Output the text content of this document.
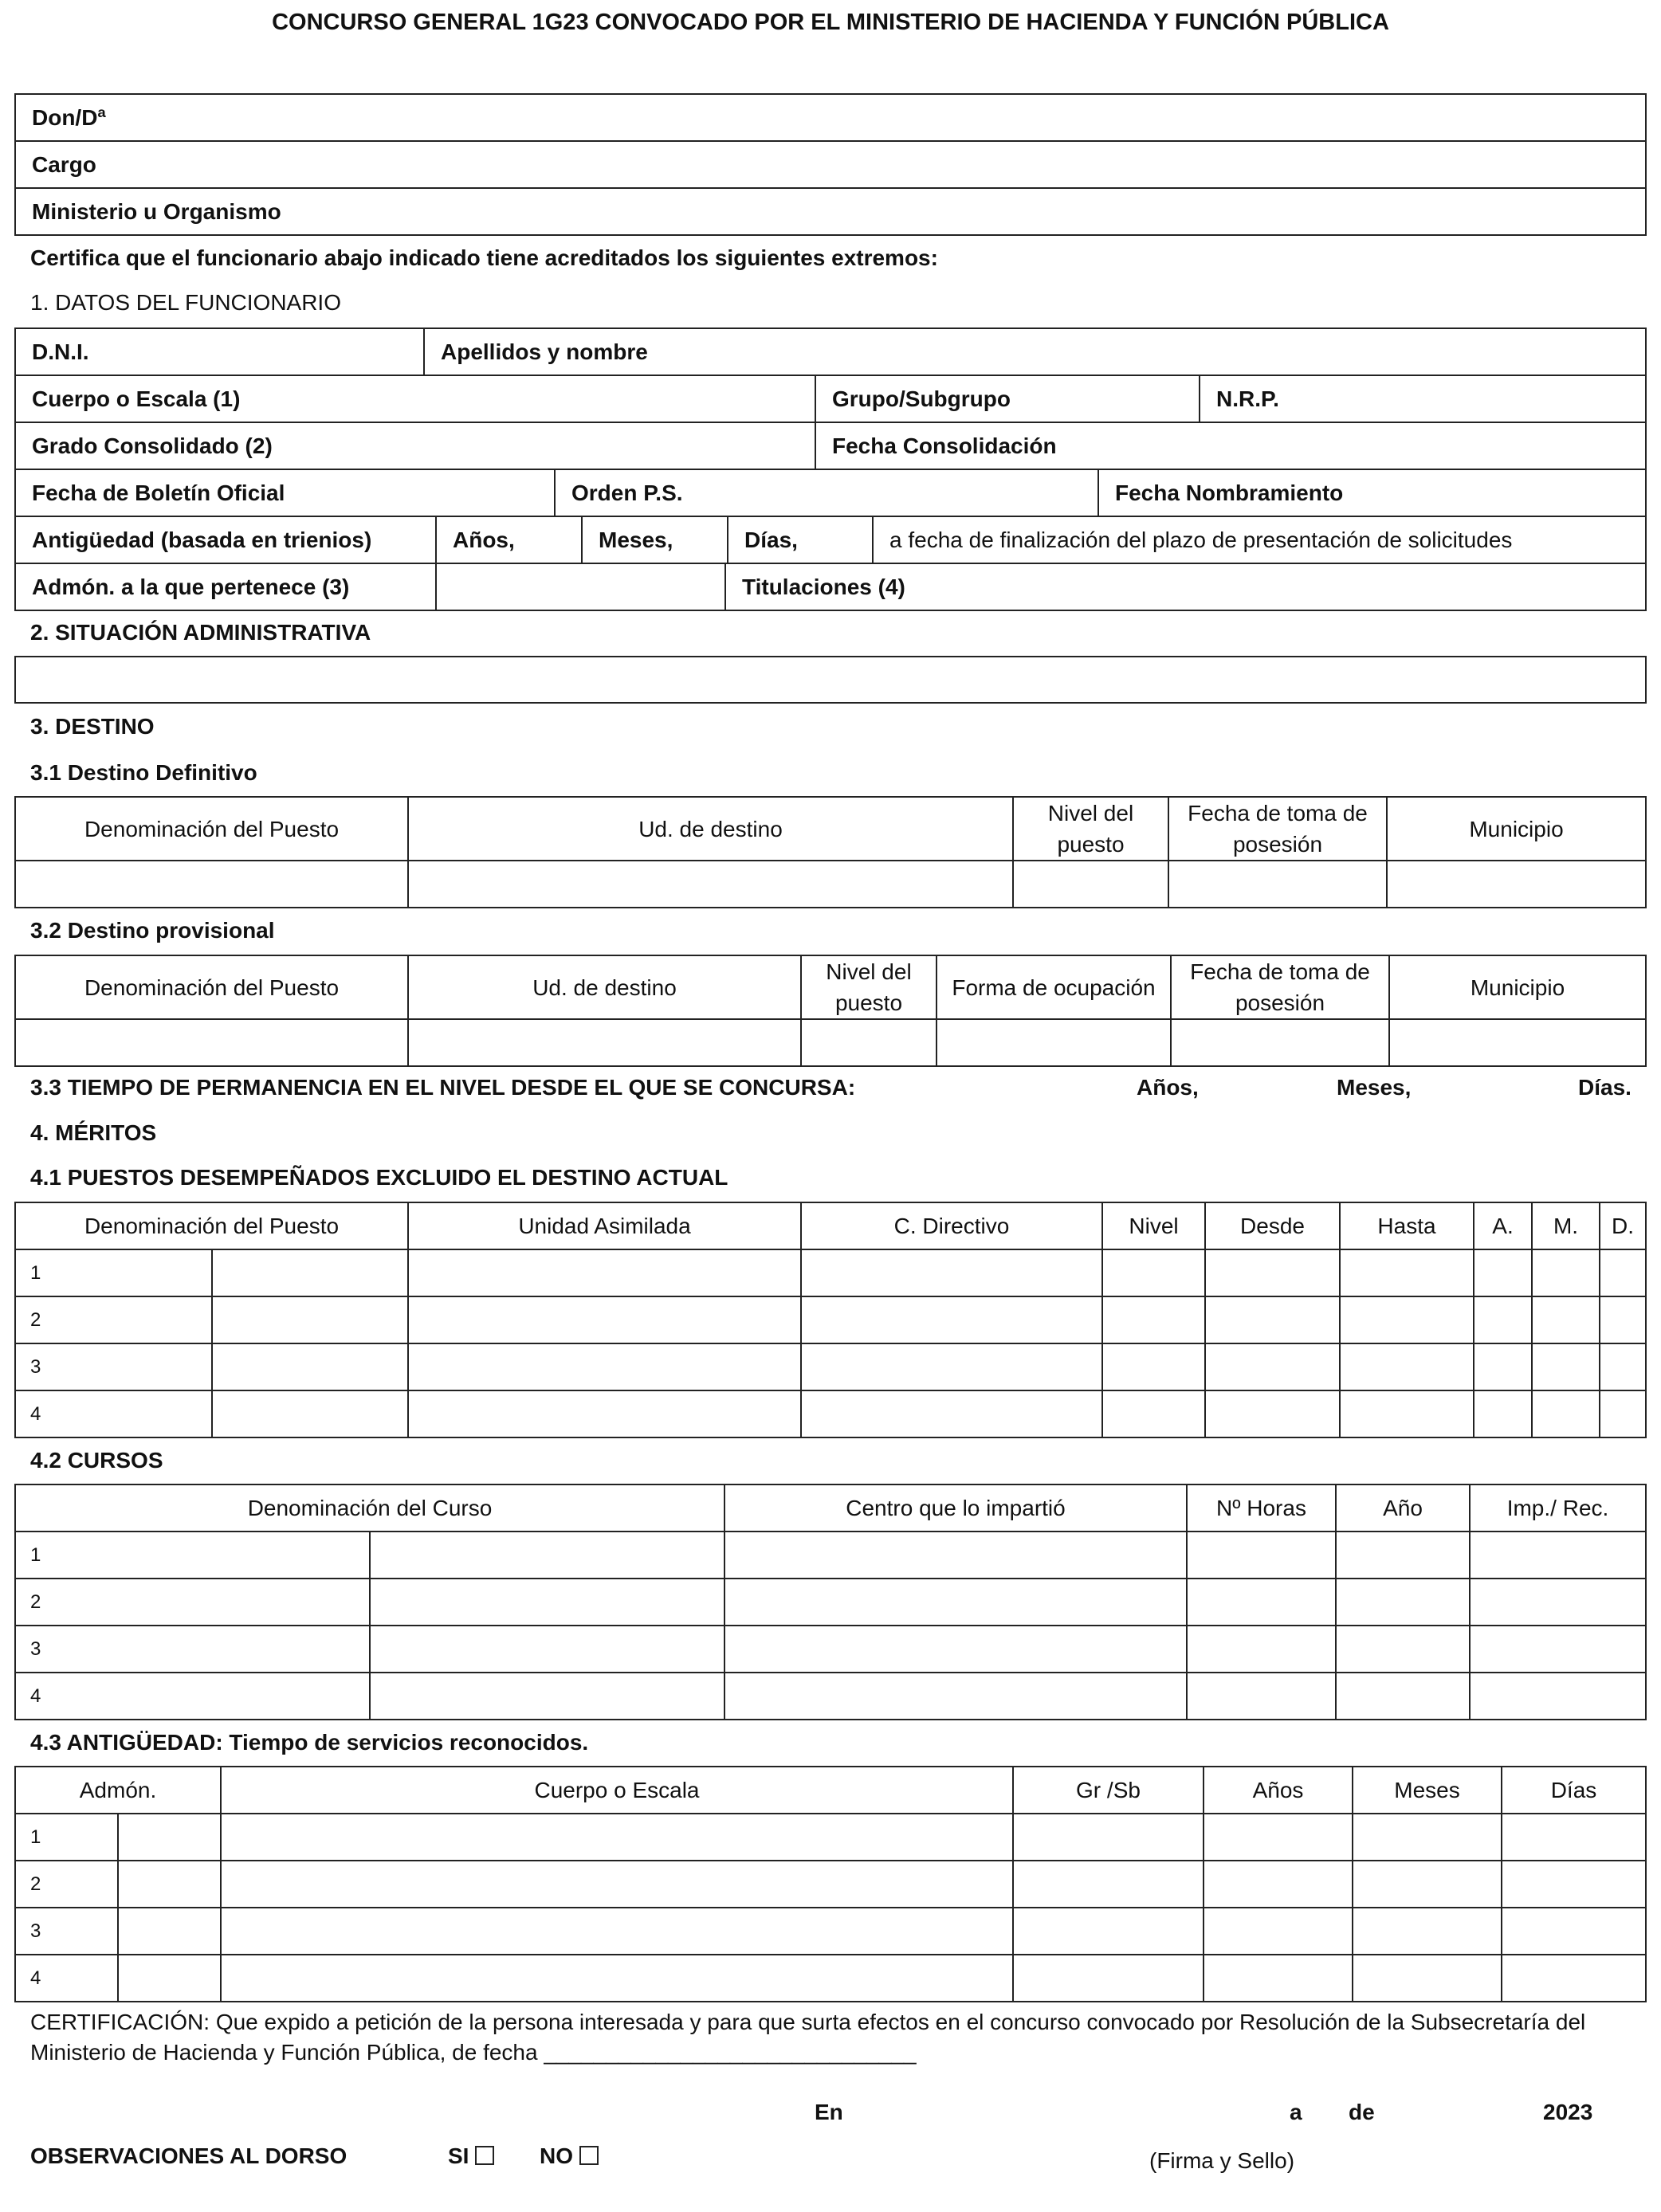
CONCURSO GENERAL 1G23 CONVOCADO POR EL MINISTERIO DE HACIENDA Y FUNCIÓN PÚBLICA
Don/Dª
Cargo
Ministerio u Organismo
Certifica que el funcionario abajo indicado tiene acreditados los siguientes extremos:
1. DATOS DEL FUNCIONARIO
D.N.I.	Apellidos y nombre
Cuerpo o Escala (1)	Grupo/Subgrupo	N.R.P.
Grado Consolidado (2)	Fecha Consolidación
Fecha de Boletín Oficial	Orden P.S.	Fecha Nombramiento
Antigüedad (basada en trienios)	Años,	Meses,	Días,	a fecha de finalización del plazo de presentación de solicitudes
Admón. a la que pertenece (3)		Titulaciones (4)
2. SITUACIÓN ADMINISTRATIVA
3. DESTINO
3.1 Destino Definitivo
Denominación del Puesto	Ud. de destino	Nivel del puesto	Fecha de toma de posesión	Municipio

3.2 Destino provisional
Denominación del Puesto	Ud. de destino	Nivel del puesto	Forma de ocupación	Fecha de toma de posesión	Municipio

3.3 TIEMPO DE PERMANENCIA EN EL NIVEL DESDE EL QUE SE CONCURSA:	Años,	Meses,	Días.
4. MÉRITOS
4.1 PUESTOS DESEMPEÑADOS EXCLUIDO EL DESTINO ACTUAL
Denominación del Puesto		Unidad Asimilada	C. Directivo	Nivel	Desde	Hasta	A.	M.	D.
1									
2									
3									
4									
4.2 CURSOS
Denominación del Curso		Centro que lo impartió	Nº Horas	Año	Imp./ Rec.
1					
2					
3					
4					
4.3 ANTIGÜEDAD: Tiempo de servicios reconocidos.
Admón.		Cuerpo o Escala	Gr /Sb	Años	Meses	Días
1						
2						
3						
4						
CERTIFICACIÓN: Que expido a petición de la persona interesada y para que surta efectos en el concurso convocado por Resolución de la Subsecretaría del
Ministerio de Hacienda y Función Pública, de fecha ______________________________
En	a de	2023
OBSERVACIONES AL DORSO	SI	NO	(Firma y Sello)
